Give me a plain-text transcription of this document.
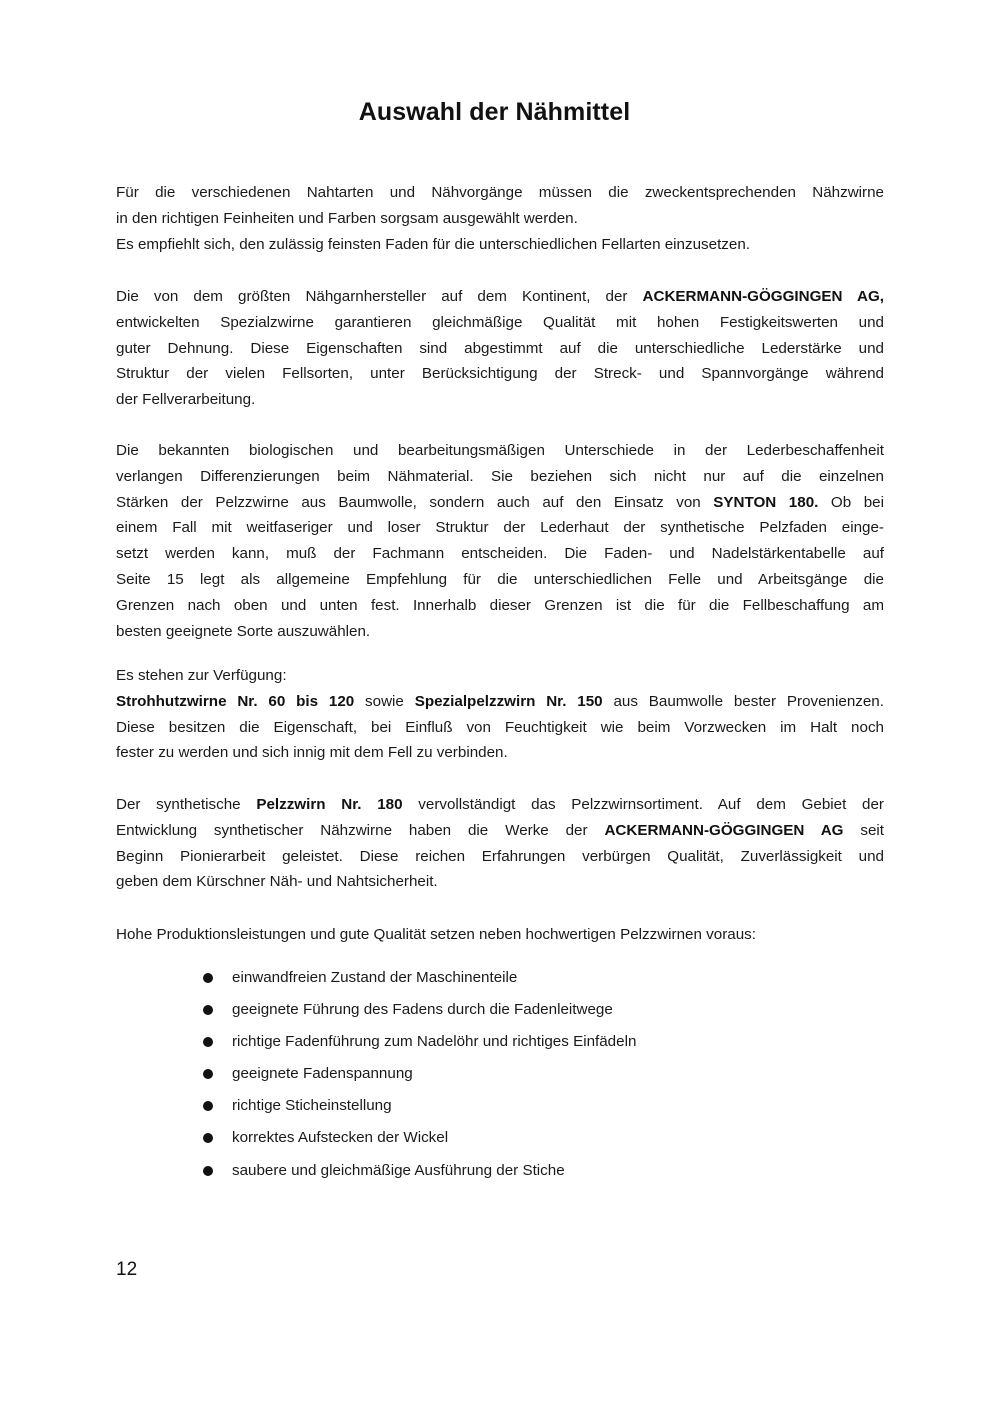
Auswahl der Nähmittel

Für die verschiedenen Nahtarten und Nähvorgänge müssen die zweckentsprechenden Nähzwirne
in den richtigen Feinheiten und Farben sorgsam ausgewählt werden.
Es empfiehlt sich, den zulässig feinsten Faden für die unterschiedlichen Fellarten einzusetzen.

Die von dem größten Nähgarnhersteller auf dem Kontinent, der ACKERMANN-GÖGGINGEN AG,
entwickelten Spezialzwirne garantieren gleichmäßige Qualität mit hohen Festigkeitswerten und
guter Dehnung. Diese Eigenschaften sind abgestimmt auf die unterschiedliche Lederstärke und
Struktur der vielen Fellsorten, unter Berücksichtigung der Streck- und Spannvorgänge während
der Fellverarbeitung.

Die bekannten biologischen und bearbeitungsmäßigen Unterschiede in der Lederbeschaffenheit
verlangen Differenzierungen beim Nähmaterial. Sie beziehen sich nicht nur auf die einzelnen
Stärken der Pelzzwirne aus Baumwolle, sondern auch auf den Einsatz von SYNTON 180. Ob bei
einem Fall mit weitfaseriger und loser Struktur der Lederhaut der synthetische Pelzfaden einge-
setzt werden kann, muß der Fachmann entscheiden. Die Faden- und Nadelstärkentabelle auf
Seite 15 legt als allgemeine Empfehlung für die unterschiedlichen Felle und Arbeitsgänge die
Grenzen nach oben und unten fest. Innerhalb dieser Grenzen ist die für die Fellbeschaffung am
besten geeignete Sorte auszuwählen.

Es stehen zur Verfügung:
Strohhutzwirne Nr. 60 bis 120 sowie Spezialpelzzwirn Nr. 150 aus Baumwolle bester Provenienzen.
Diese besitzen die Eigenschaft, bei Einfluß von Feuchtigkeit wie beim Vorzwecken im Halt noch
fester zu werden und sich innig mit dem Fell zu verbinden.

Der synthetische Pelzzwirn Nr. 180 vervollständigt das Pelzzwirnsortiment. Auf dem Gebiet der
Entwicklung synthetischer Nähzwirne haben die Werke der ACKERMANN-GÖGGINGEN AG seit
Beginn Pionierarbeit geleistet. Diese reichen Erfahrungen verbürgen Qualität, Zuverlässigkeit und
geben dem Kürschner Näh- und Nahtsicherheit.

Hohe Produktionsleistungen und gute Qualität setzen neben hochwertigen Pelzzwirnen voraus:

einwandfreien Zustand der Maschinenteile
geeignete Führung des Fadens durch die Fadenleitwege
richtige Fadenführung zum Nadelöhr und richtiges Einfädeln
geeignete Fadenspannung
richtige Sticheinstellung
korrektes Aufstecken der Wickel
saubere und gleichmäßige Ausführung der Stiche
12
